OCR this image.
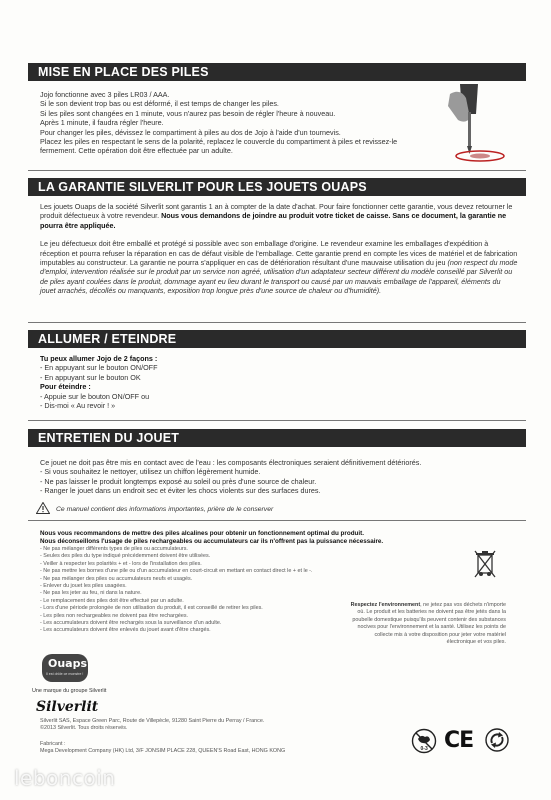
MISE EN PLACE DES PILES

Jojo fonctionne avec 3 piles LR03 / AAA.

Si le son devient trop bas ou est déformé, il est temps de changer les piles.

Si les piles sont changées en 1 minute, vous n'aurez pas besoin de régler l'heure à nouveau.

Après 1 minute, il faudra régler l'heure.

Pour changer les piles, dévissez le compartiment à piles au dos de Jojo à l'aide d'un tournevis.

Placez les piles en respectant le sens de la polarité, replacez le couvercle du compartiment à piles et revissez-le fermement. Cette opération doit être effectuée par un adulte.

LA GARANTIE SILVERLIT POUR LES JOUETS OUAPS

Les jouets Ouaps de la société Silverlit sont garantis 1 an à compter de la date d'achat. Pour faire fonctionner cette garantie, vous devez retourner le produit défectueux à votre revendeur. Nous vous demandons de joindre au produit votre ticket de caisse. Sans ce document, la garantie ne pourra être appliquée.

Le jeu défectueux doit être emballé et protégé si possible avec son emballage d'origine. Le revendeur examine les emballages d'expédition à réception et pourra refuser la réparation en cas de défaut visible de l'emballage. Cette garantie prend en compte les vices de matériel et de fabrication imputables au constructeur. La garantie ne pourra s'appliquer en cas de détérioration résultant d'une mauvaise utilisation du jeu (non respect du mode d'emploi, intervention réalisée sur le produit par un service non agréé, utilisation d'un adaptateur secteur différent du modèle conseillé par Silverlit ou de piles ayant coulées dans le produit, dommage ayant eu lieu durant le transport ou causé par un mauvais emballage de l'appareil, éléments du jouet arrachés, décollés ou manquants, exposition trop longue près d'une source de chaleur ou d'humidité).

ALLUMER / ETEINDRE

Tu peux allumer Jojo de 2 façons :

- En appuyant sur le bouton ON/OFF

- En appuyant sur le bouton OK

Pour éteindre :

- Appuie sur le bouton ON/OFF ou

- Dis-moi « Au revoir ! »

ENTRETIEN DU JOUET

Ce jouet ne doit pas être mis en contact avec de l'eau : les composants électroniques seraient définitivement détériorés.

- Si vous souhaitez le nettoyer, utilisez un chiffon légèrement humide.

- Ne pas laisser le produit longtemps exposé au soleil ou près d'une source de chaleur.

- Ranger le jouet dans un endroit sec et éviter les chocs violents sur des surfaces dures.

Ce manuel contient des informations importantes, prière de le conserver

Nous vous recommandons de mettre des piles alcalines pour obtenir un fonctionnement optimal du produit.

Nous déconseillons l'usage de piles rechargeables ou accumulateurs car ils n'offrent pas la puissance nécessaire.

- Ne pas mélanger différents types de piles ou accumulateurs.
- Seules des piles du type indiqué précédemment doivent être utilisées.
- Veiller à respecter les polarités + et - lors de l'installation des piles.
- Ne pas mettre les bornes d'une pile ou d'un accumulateur en court-circuit en mettant en contact direct le + et le -.
- Ne pas mélanger des piles ou accumulateurs neufs et usagés.
- Enlever du jouet les piles usagées.
- Ne pas les jeter au feu, ni dans la nature.
- Le remplacement des piles doit être effectué par un adulte.
- Lors d'une période prolongée de non utilisation du produit, il est conseillé de retirer les piles.
- Les piles non rechargeables ne doivent pas être rechargées.
- Les accumulateurs doivent être rechargés sous la surveillance d'un adulte.
- Les accumulateurs doivent être enlevés du jouet avant d'être chargés.
Respectez l'environnement, ne jetez pas vos déchets n'importe où. Le produit et les batteries ne doivent pas être jetés dans la poubelle domestique puisqu'ils peuvent contenir des substances nocives pour l'environnement et la santé. Utilisez les points de collecte mis à votre disposition pour jeter votre matériel électronique et vos piles.
Ouaps
Il est drôle ce monstre !
Une marque du groupe Silverlit
Silverlit

Silverlit SAS, Espace Green Parc, Route de Villepècle, 91280 Saint Pierre du Perray / France.

©2013 Silverlit. Tous droits réservés.

Fabricant :

Mega Development Company (HK) Ltd, 3/F JONSIM PLACE 228, QUEEN'S Road East, HONG KONG	0-3 CE
leboncoin
